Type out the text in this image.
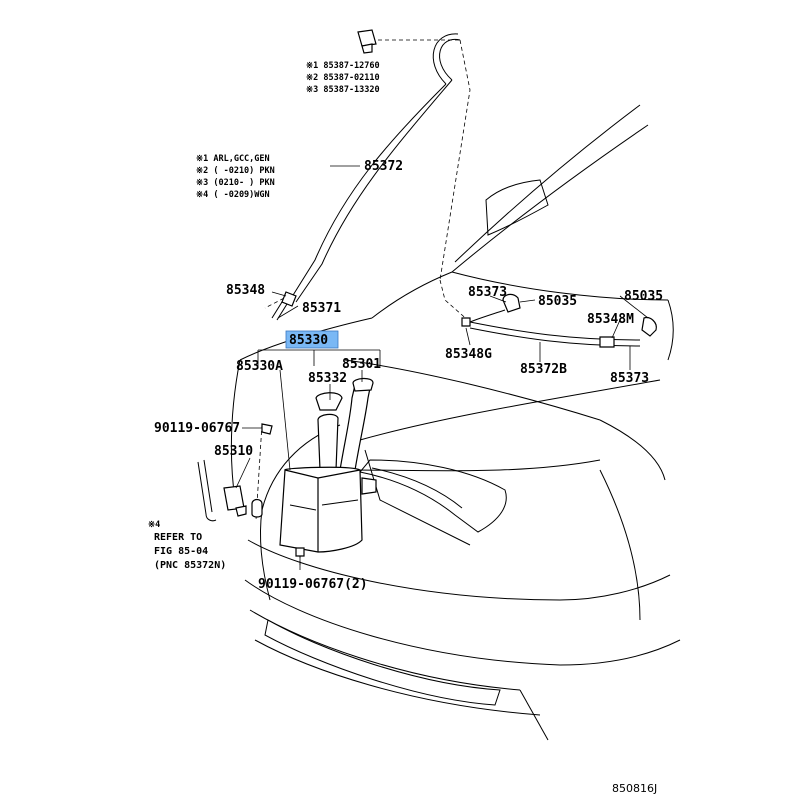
※1 85387-12760
※2 85387-02110
※3 85387-13320
※1 ARL,GCC,GEN
※2 ( -0210) PKN
※3 (0210- ) PKN
※4 ( -0209)WGN
85372
85348
85371
85330
85330A
85332
85301
90119-06767
85310
※4
REFER TO
FIG 85-04
(PNC 85372N)
90119-06767(2)
85373
85035	85035
85348M
85348G
85372B
85373
850816J
